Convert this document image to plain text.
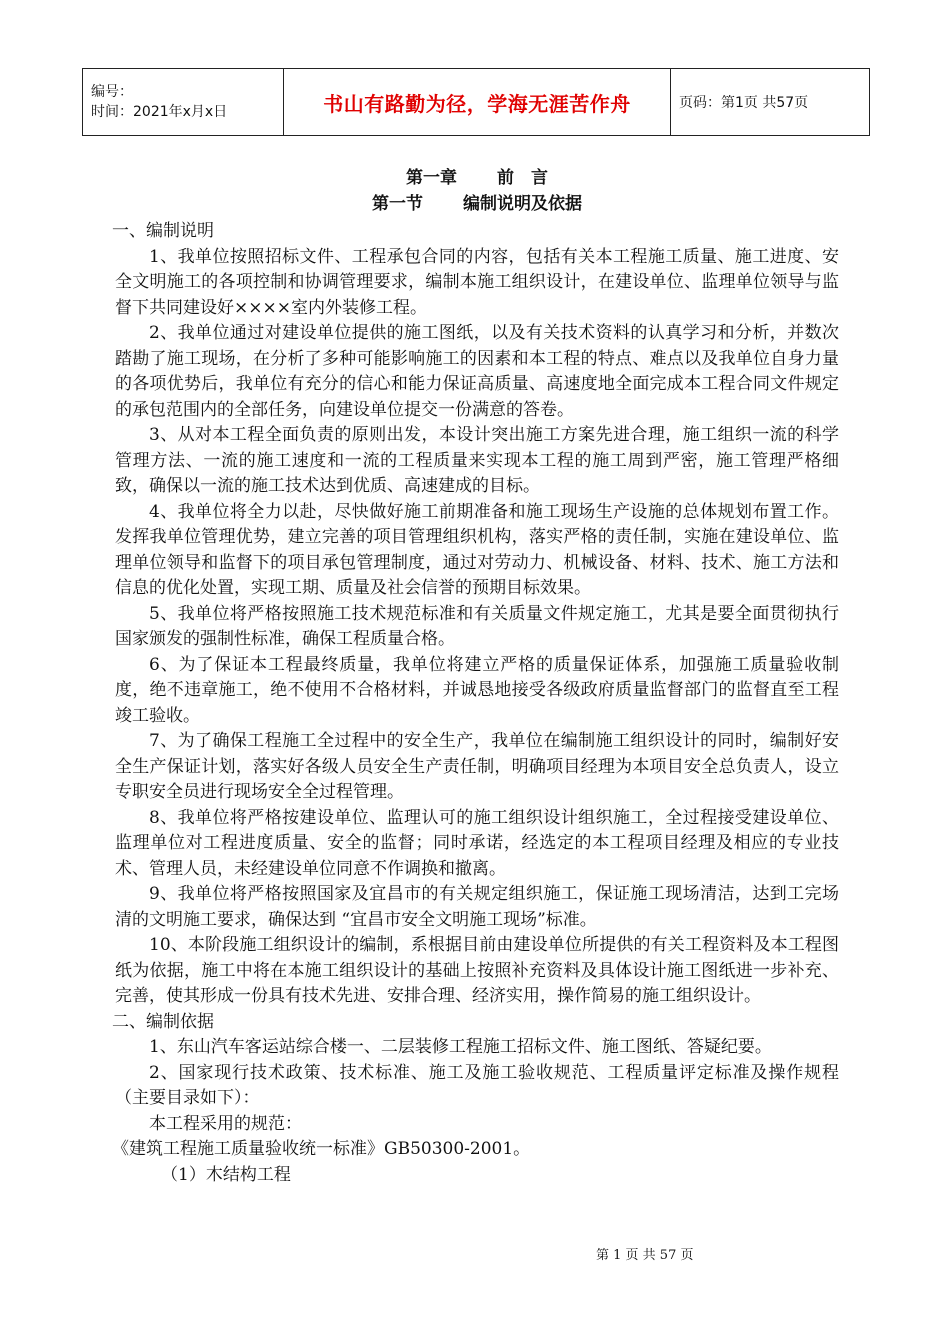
编号：
时间：2021年x月x日	书山有路勤为径，学海无涯苦作舟	页码：第1页 共57页
第一章 前　言
第一节 编制说明及依据

一、编制说明

1、我单位按照招标文件、工程承包合同的内容，包括有关本工程施工质量、施工进度、安全文明施工的各项控制和协调管理要求，编制本施工组织设计，在建设单位、监理单位领导与监督下共同建设好××××室内外装修工程。

2、我单位通过对建设单位提供的施工图纸，以及有关技术资料的认真学习和分析，并数次踏勘了施工现场，在分析了多种可能影响施工的因素和本工程的特点、难点以及我单位自身力量的各项优势后，我单位有充分的信心和能力保证高质量、高速度地全面完成本工程合同文件规定的承包范围内的全部任务，向建设单位提交一份满意的答卷。

3、从对本工程全面负责的原则出发，本设计突出施工方案先进合理，施工组织一流的科学管理方法、一流的施工速度和一流的工程质量来实现本工程的施工周到严密，施工管理严格细致，确保以一流的施工技术达到优质、高速建成的目标。

4、我单位将全力以赴，尽快做好施工前期准备和施工现场生产设施的总体规划布置工作。发挥我单位管理优势，建立完善的项目管理组织机构，落实严格的责任制，实施在建设单位、监理单位领导和监督下的项目承包管理制度，通过对劳动力、机械设备、材料、技术、施工方法和信息的优化处置，实现工期、质量及社会信誉的预期目标效果。

5、我单位将严格按照施工技术规范标准和有关质量文件规定施工，尤其是要全面贯彻执行国家颁发的强制性标准，确保工程质量合格。

6、为了保证本工程最终质量，我单位将建立严格的质量保证体系，加强施工质量验收制度，绝不违章施工，绝不使用不合格材料，并诚恳地接受各级政府质量监督部门的监督直至工程竣工验收。

7、为了确保工程施工全过程中的安全生产，我单位在编制施工组织设计的同时，编制好安全生产保证计划，落实好各级人员安全生产责任制，明确项目经理为本项目安全总负责人，设立专职安全员进行现场安全全过程管理。

8、我单位将严格按建设单位、监理认可的施工组织设计组织施工，全过程接受建设单位、监理单位对工程进度质量、安全的监督；同时承诺，经选定的本工程项目经理及相应的专业技术、管理人员，未经建设单位同意不作调换和撤离。

9、我单位将严格按照国家及宜昌市的有关规定组织施工，保证施工现场清洁，达到工完场清的文明施工要求，确保达到 “宜昌市安全文明施工现场”标准。

10、本阶段施工组织设计的编制，系根据目前由建设单位所提供的有关工程资料及本工程图纸为依据，施工中将在本施工组织设计的基础上按照补充资料及具体设计施工图纸进一步补充、完善，使其形成一份具有技术先进、安排合理、经济实用，操作简易的施工组织设计。

二、编制依据

1、东山汽车客运站综合楼一、二层装修工程施工招标文件、施工图纸、答疑纪要。

2、国家现行技术政策、技术标准、施工及施工验收规范、工程质量评定标准及操作规程（主要目录如下）：

本工程采用的规范：

《建筑工程施工质量验收统一标准》GB50300-2001。

（1）木结构工程

第 1 页 共 57 页
